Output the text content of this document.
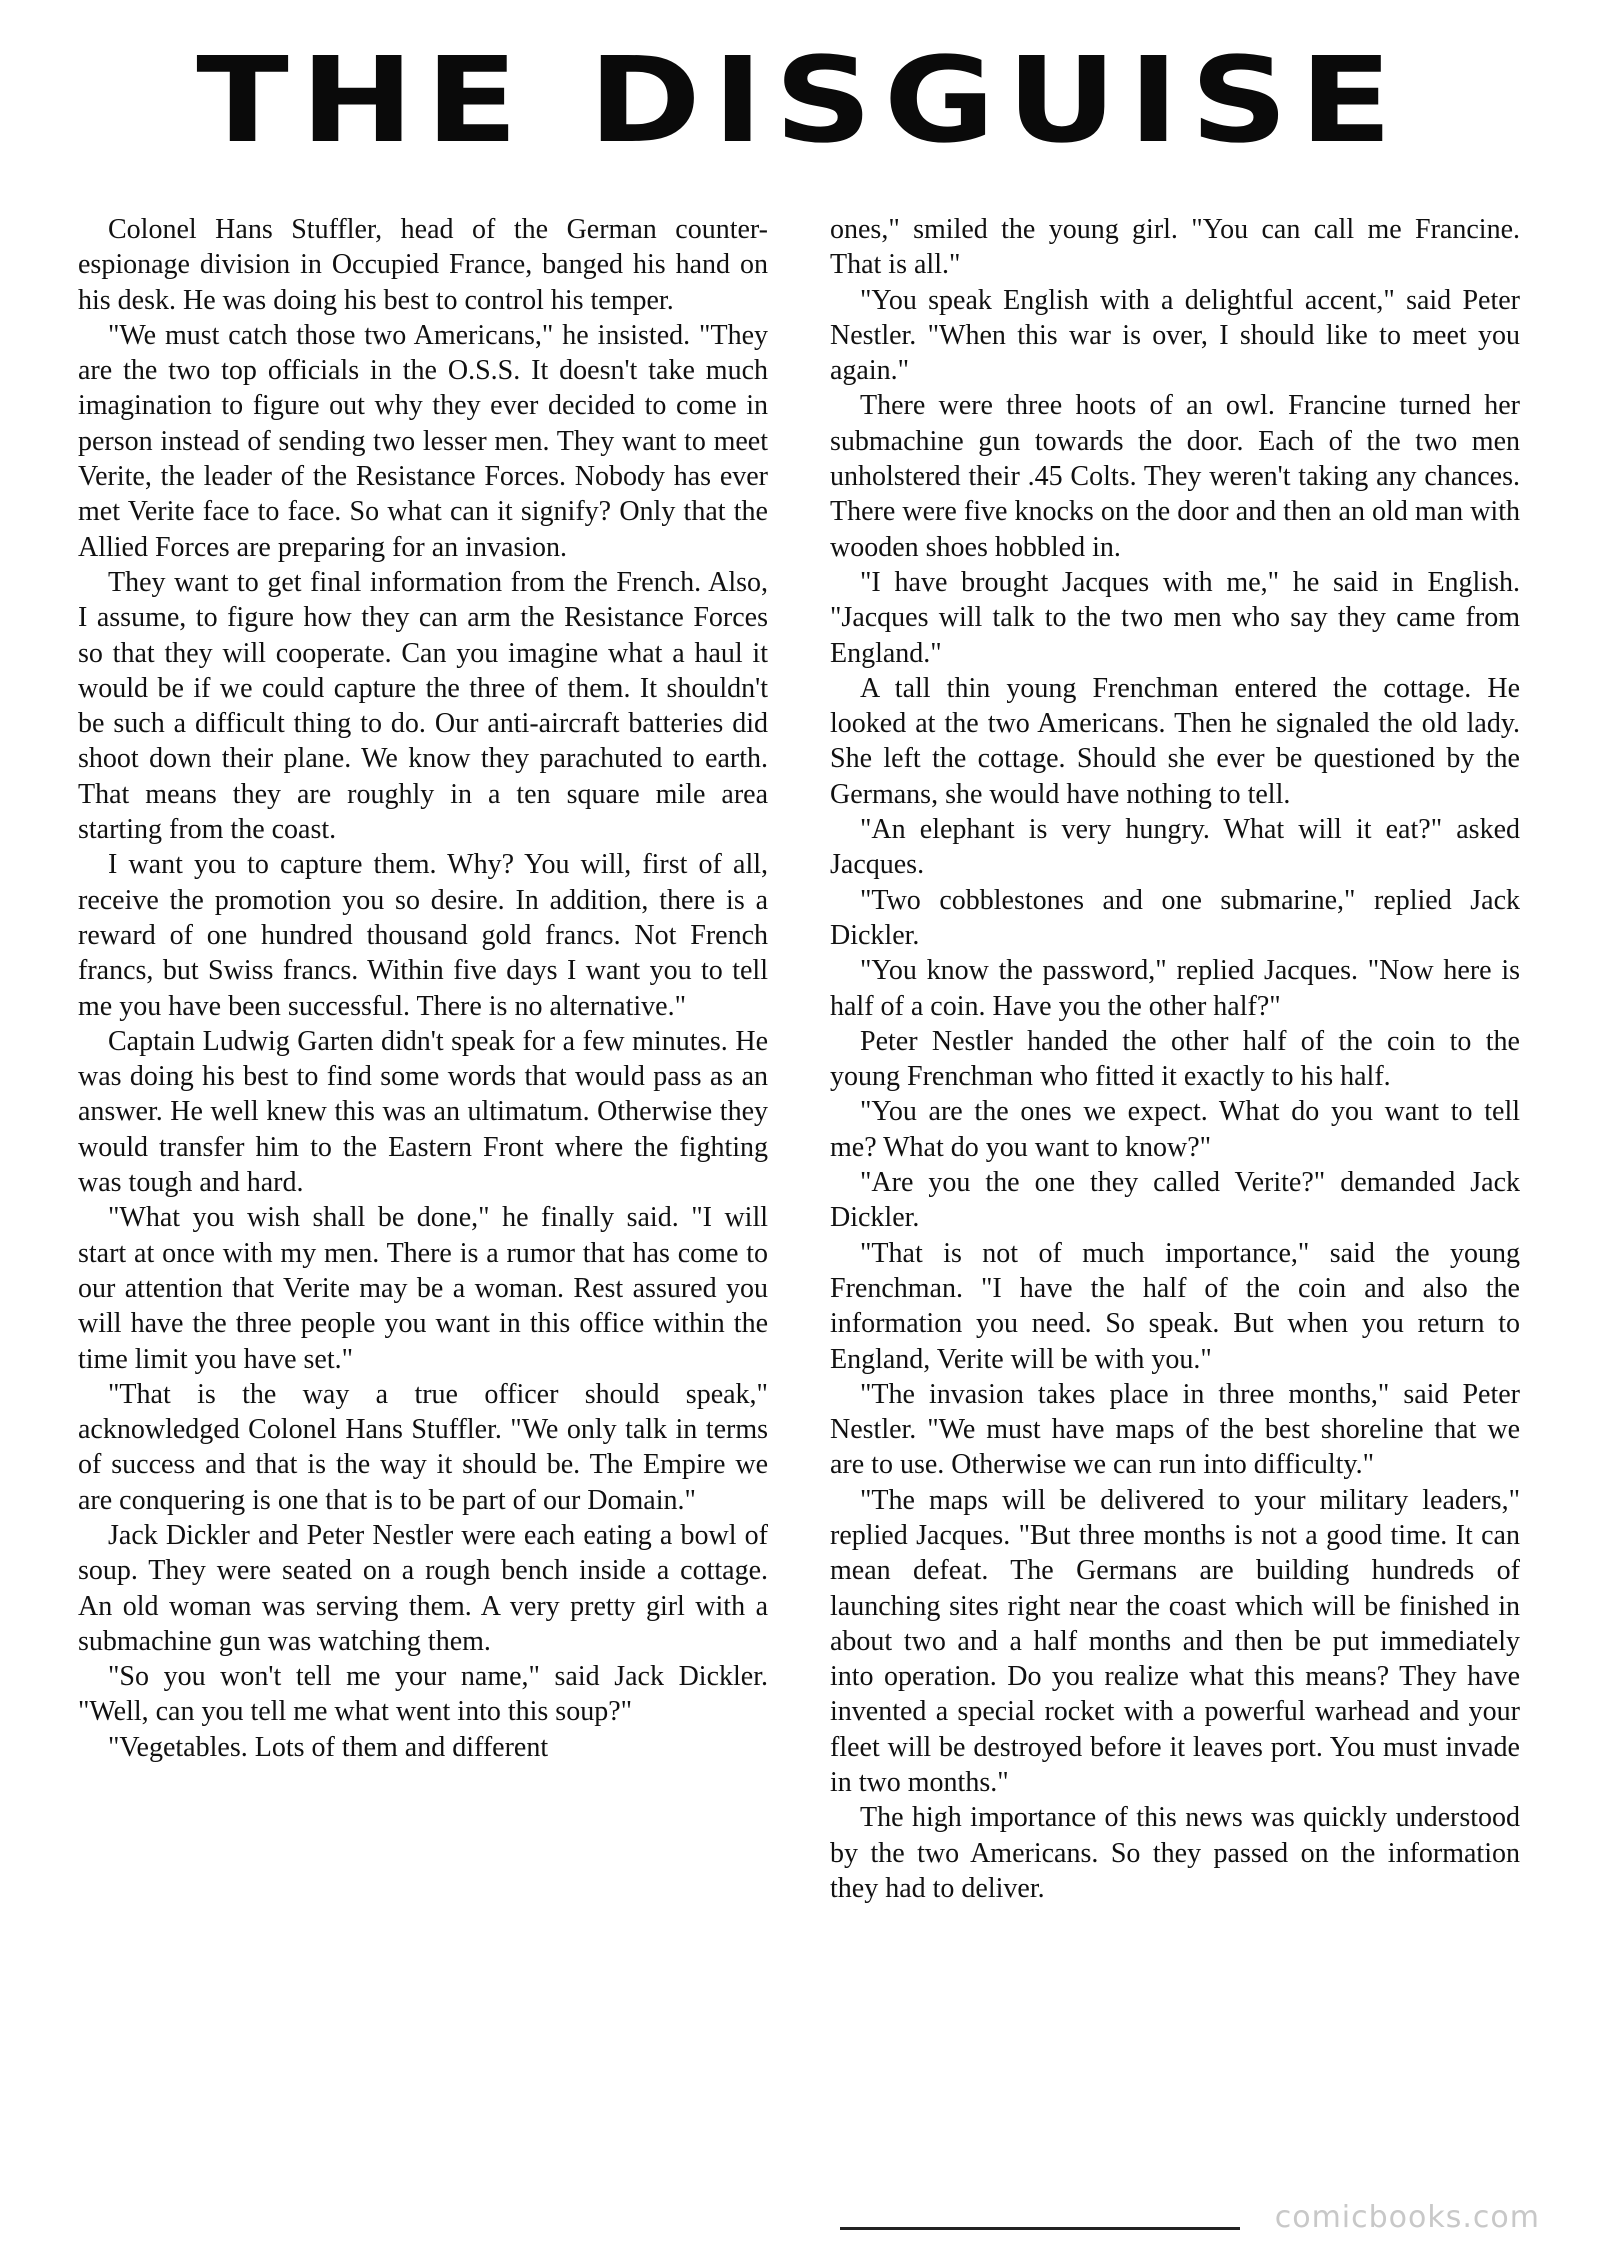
THE DISGUISE

Colonel Hans Stuffler, head of the German counter-espionage division in Occupied France, banged his hand on his desk. He was doing his best to control his temper.

"We must catch those two Americans," he insisted. "They are the two top officials in the O.S.S. It doesn't take much imagination to figure out why they ever decided to come in person instead of sending two lesser men. They want to meet Verite, the leader of the Resistance Forces. Nobody has ever met Verite face to face. So what can it signify? Only that the Allied Forces are preparing for an invasion.

They want to get final information from the French. Also, I assume, to figure how they can arm the Resistance Forces so that they will cooperate. Can you imagine what a haul it would be if we could capture the three of them. It shouldn't be such a difficult thing to do. Our anti-aircraft batteries did shoot down their plane. We know they parachuted to earth. That means they are roughly in a ten square mile area starting from the coast.

I want you to capture them. Why? You will, first of all, receive the promotion you so desire. In addition, there is a reward of one hundred thousand gold francs. Not French francs, but Swiss francs. Within five days I want you to tell me you have been successful. There is no alternative."

Captain Ludwig Garten didn't speak for a few minutes. He was doing his best to find some words that would pass as an answer. He well knew this was an ultimatum. Otherwise they would transfer him to the Eastern Front where the fighting was tough and hard.

"What you wish shall be done," he finally said. "I will start at once with my men. There is a rumor that has come to our attention that Verite may be a woman. Rest assured you will have the three people you want in this office within the time limit you have set."

"That is the way a true officer should speak," acknowledged Colonel Hans Stuffler. "We only talk in terms of success and that is the way it should be. The Empire we are conquering is one that is to be part of our Domain."

Jack Dickler and Peter Nestler were each eating a bowl of soup. They were seated on a rough bench inside a cottage. An old woman was serving them. A very pretty girl with a submachine gun was watching them.

"So you won't tell me your name," said Jack Dickler. "Well, can you tell me what went into this soup?"

"Vegetables. Lots of them and different

ones," smiled the young girl. "You can call me Francine. That is all."

"You speak English with a delightful accent," said Peter Nestler. "When this war is over, I should like to meet you again."

There were three hoots of an owl. Francine turned her submachine gun towards the door. Each of the two men unholstered their .45 Colts. They weren't taking any chances. There were five knocks on the door and then an old man with wooden shoes hobbled in.

"I have brought Jacques with me," he said in English. "Jacques will talk to the two men who say they came from England."

A tall thin young Frenchman entered the cottage. He looked at the two Americans. Then he signaled the old lady. She left the cottage. Should she ever be questioned by the Germans, she would have nothing to tell.

"An elephant is very hungry. What will it eat?" asked Jacques.

"Two cobblestones and one submarine," replied Jack Dickler.

"You know the password," replied Jacques. "Now here is half of a coin. Have you the other half?"

Peter Nestler handed the other half of the coin to the young Frenchman who fitted it exactly to his half.

"You are the ones we expect. What do you want to tell me? What do you want to know?"

"Are you the one they called Verite?" demanded Jack Dickler.

"That is not of much importance," said the young Frenchman. "I have the half of the coin and also the information you need. So speak. But when you return to England, Verite will be with you."

"The invasion takes place in three months," said Peter Nestler. "We must have maps of the best shoreline that we are to use. Otherwise we can run into difficulty."

"The maps will be delivered to your military leaders," replied Jacques. "But three months is not a good time. It can mean defeat. The Germans are building hundreds of launching sites right near the coast which will be finished in about two and a half months and then be put immediately into operation. Do you realize what this means? They have invented a special rocket with a powerful warhead and your fleet will be destroyed before it leaves port. You must invade in two months."

The high importance of this news was quickly understood by the two Americans. So they passed on the information they had to deliver.

comicbooks.com
